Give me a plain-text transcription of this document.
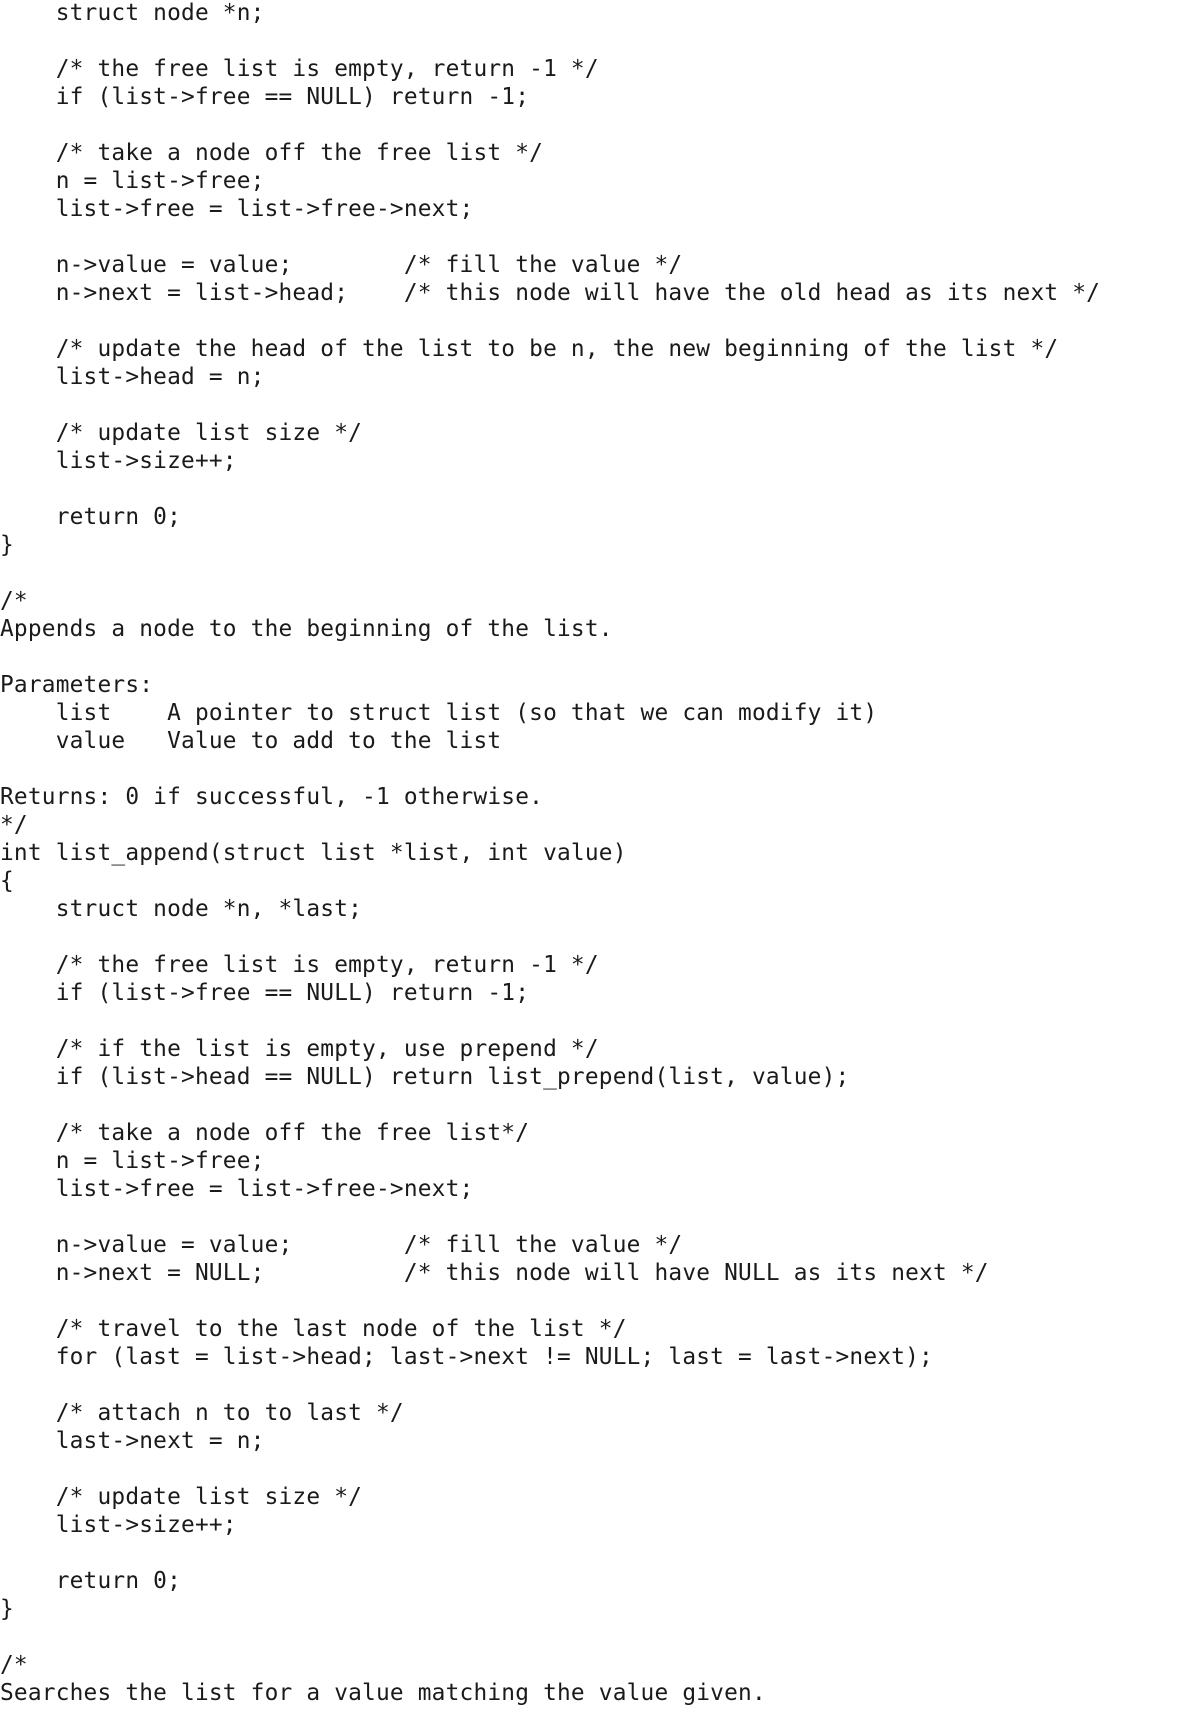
struct node *n;
/* the free list is empty, return -1 */
if (list->free == NULL) return -1;
/* take a node off the free list */
n = list->free;
list->free = list->free->next;
n->value = value;        /* fill the value */
n->next = list->head;    /* this node will have the old head as its next */
/* update the head of the list to be n, the new beginning of the list */
list->head = n;
/* update list size */
list->size++;
return 0;
}
/*
Appends a node to the beginning of the list.
Parameters:
list    A pointer to struct list (so that we can modify it)
value   Value to add to the list
Returns: 0 if successful, -1 otherwise.
*/
int list_append(struct list *list, int value)
{
struct node *n, *last;
/* the free list is empty, return -1 */
if (list->free == NULL) return -1;
/* if the list is empty, use prepend */
if (list->head == NULL) return list_prepend(list, value);
/* take a node off the free list*/
n = list->free;
list->free = list->free->next;
n->value = value;        /* fill the value */
n->next = NULL;          /* this node will have NULL as its next */
/* travel to the last node of the list */
for (last = list->head; last->next != NULL; last = last->next);
/* attach n to to last */
last->next = n;
/* update list size */
list->size++;
return 0;
}
/*
Searches the list for a value matching the value given.
